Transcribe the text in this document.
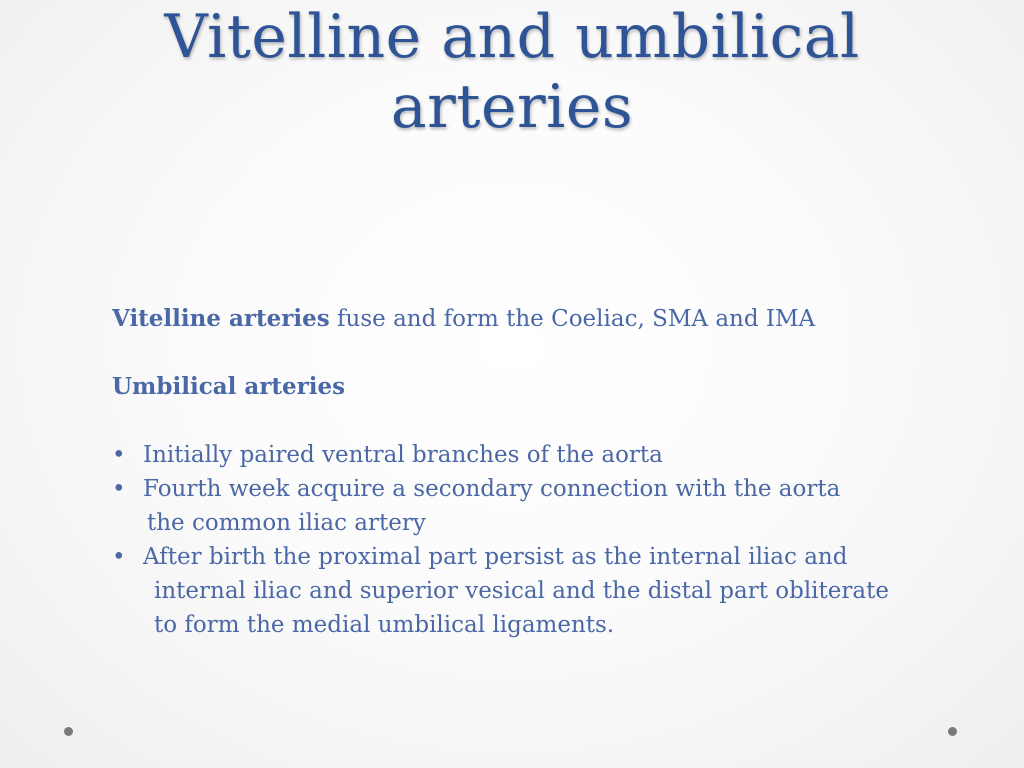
Vitelline and umbilical
arteries
Vitelline arteries fuse and form the Coeliac, SMA and IMA
Umbilical arteries
• Initially paired ventral branches of the aorta
• Fourth week acquire a secondary connection with the aorta
the common iliac artery
• After birth the proximal part persist as the internal iliac and
internal iliac and superior vesical and the distal part obliterate
to form the medial umbilical ligaments.
